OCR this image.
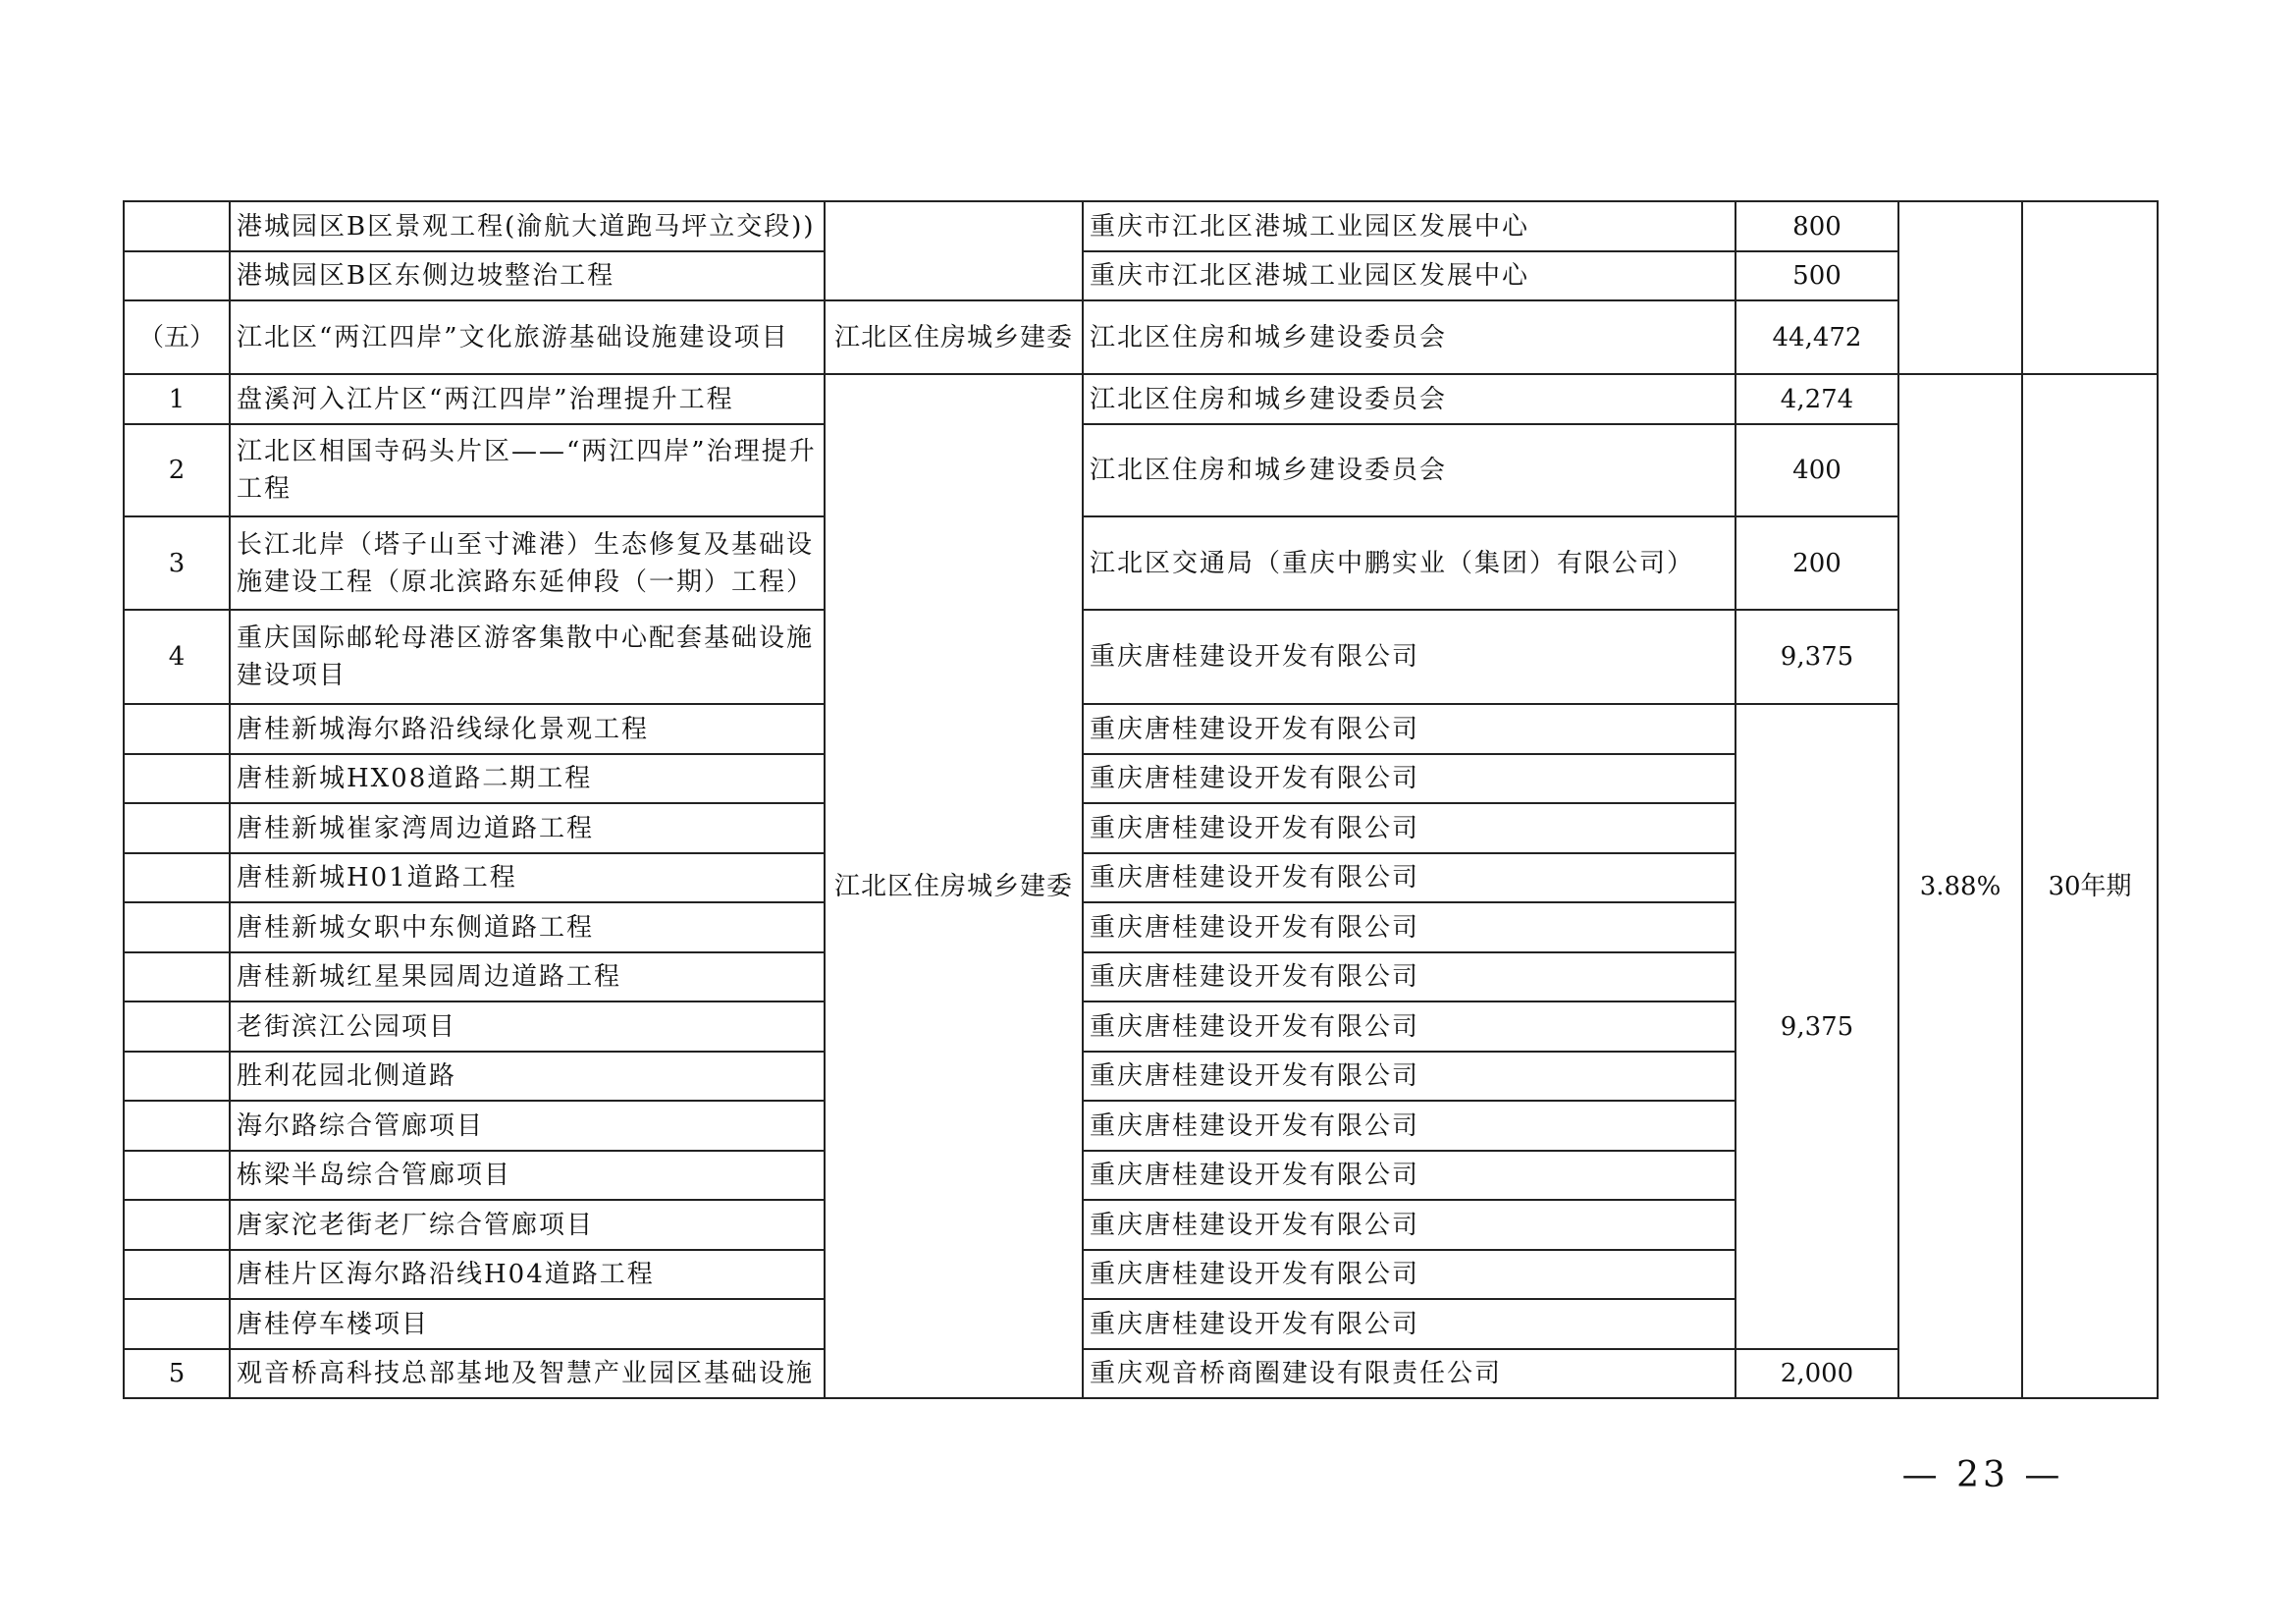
	港城园区B区景观工程(渝航大道跑马坪立交段))		重庆市江北区港城工业园区发展中心	800		
	港城园区B区东侧边坡整治工程		重庆市江北区港城工业园区发展中心	500		
（五）	江北区“两江四岸”文化旅游基础设施建设项目	江北区住房城乡建委	江北区住房和城乡建设委员会	44,472		
1	盘溪河入江片区“两江四岸”治理提升工程	江北区住房城乡建委	江北区住房和城乡建设委员会	4,274	3.88%	30年期
2	江北区相国寺码头片区——“两江四岸”治理提升工程		江北区住房和城乡建设委员会	400		
3	长江北岸（塔子山至寸滩港）生态修复及基础设施建设工程（原北滨路东延伸段（一期）工程）		江北区交通局（重庆中鹏实业（集团）有限公司）	200		
4	重庆国际邮轮母港区游客集散中心配套基础设施建设项目		重庆唐桂建设开发有限公司	9,375		
	唐桂新城海尔路沿线绿化景观工程		重庆唐桂建设开发有限公司	9,375		
	唐桂新城HX08道路二期工程		重庆唐桂建设开发有限公司			
	唐桂新城崔家湾周边道路工程		重庆唐桂建设开发有限公司			
	唐桂新城H01道路工程		重庆唐桂建设开发有限公司			
	唐桂新城女职中东侧道路工程		重庆唐桂建设开发有限公司			
	唐桂新城红星果园周边道路工程		重庆唐桂建设开发有限公司			
	老街滨江公园项目		重庆唐桂建设开发有限公司			
	胜利花园北侧道路		重庆唐桂建设开发有限公司			
	海尔路综合管廊项目		重庆唐桂建设开发有限公司			
	栋梁半岛综合管廊项目		重庆唐桂建设开发有限公司			
	唐家沱老街老厂综合管廊项目		重庆唐桂建设开发有限公司			
	唐桂片区海尔路沿线H04道路工程		重庆唐桂建设开发有限公司			
	唐桂停车楼项目		重庆唐桂建设开发有限公司			
5	观音桥高科技总部基地及智慧产业园区基础设施		重庆观音桥商圈建设有限责任公司	2,000		
— 23 —
